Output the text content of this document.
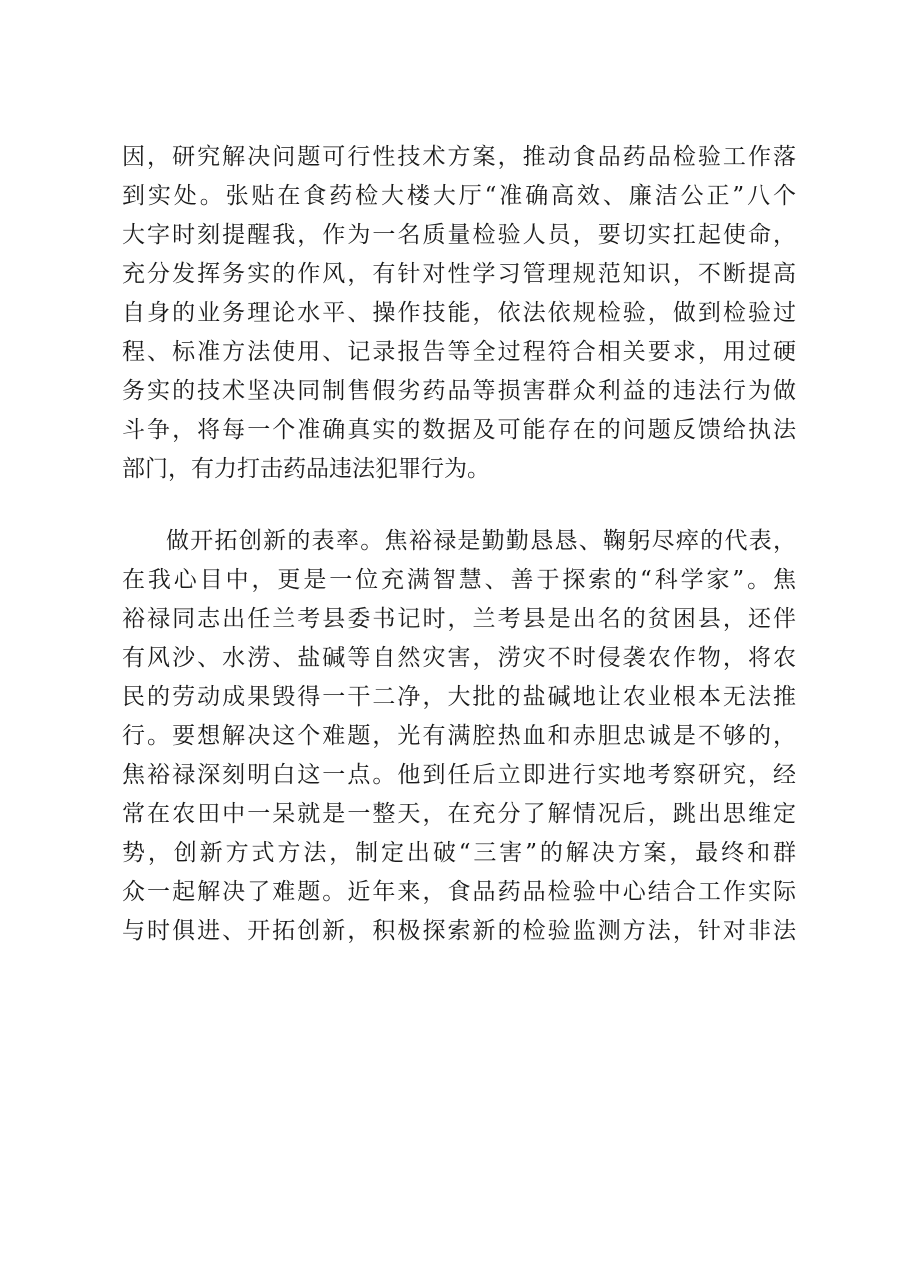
因，研究解决问题可行性技术方案，推动食品药品检验工作落
到实处。张贴在食药检大楼大厅“准确高效、廉洁公正”八个
大字时刻提醒我，作为一名质量检验人员，要切实扛起使命，
充分发挥务实的作风，有针对性学习管理规范知识，不断提高
自身的业务理论水平、操作技能，依法依规检验，做到检验过
程、标准方法使用、记录报告等全过程符合相关要求，用过硬
务实的技术坚决同制售假劣药品等损害群众利益的违法行为做
斗争，将每一个准确真实的数据及可能存在的问题反馈给执法
部门，有力打击药品违法犯罪行为。
做开拓创新的表率。焦裕禄是勤勤恳恳、鞠躬尽瘁的代表，
在我心目中，更是一位充满智慧、善于探索的“科学家”。焦
裕禄同志出任兰考县委书记时，兰考县是出名的贫困县，还伴
有风沙、水涝、盐碱等自然灾害，涝灾不时侵袭农作物，将农
民的劳动成果毁得一干二净，大批的盐碱地让农业根本无法推
行。要想解决这个难题，光有满腔热血和赤胆忠诚是不够的，
焦裕禄深刻明白这一点。他到任后立即进行实地考察研究，经
常在农田中一呆就是一整天，在充分了解情况后，跳出思维定
势，创新方式方法，制定出破“三害”的解决方案，最终和群
众一起解决了难题。近年来，食品药品检验中心结合工作实际
与时俱进、开拓创新，积极探索新的检验监测方法，针对非法
